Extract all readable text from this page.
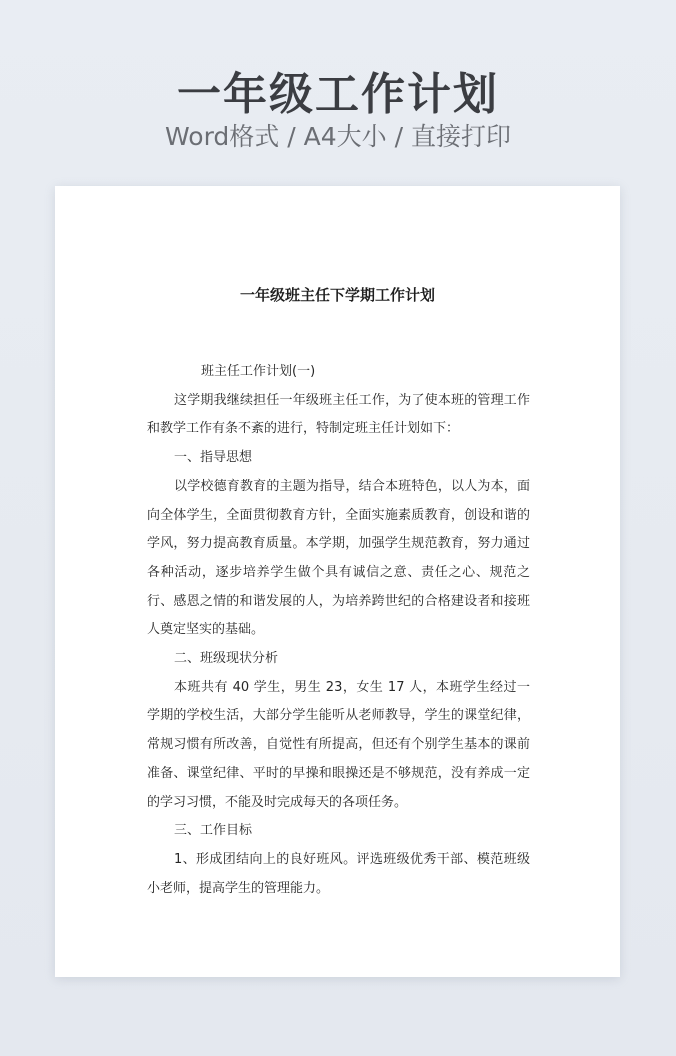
一年级工作计划
Word格式 / A4大小 / 直接打印
一年级班主任下学期工作计划

班主任工作计划(一)

这学期我继续担任一年级班主任工作，为了使本班的管理工作和教学工作有条不紊的进行，特制定班主任计划如下：

一、指导思想

以学校德育教育的主题为指导，结合本班特色，以人为本，面向全体学生，全面贯彻教育方针，全面实施素质教育，创设和谐的学风，努力提高教育质量。本学期，加强学生规范教育，努力通过各种活动，逐步培养学生做个具有诚信之意、责任之心、规范之行、感恩之情的和谐发展的人，为培养跨世纪的合格建设者和接班人奠定坚实的基础。

二、班级现状分析

本班共有 40 学生，男生 23，女生 17 人，本班学生经过一学期的学校生活，大部分学生能听从老师教导，学生的课堂纪律，常规习惯有所改善，自觉性有所提高，但还有个别学生基本的课前准备、课堂纪律、平时的早操和眼操还是不够规范，没有养成一定的学习习惯，不能及时完成每天的各项任务。

三、工作目标

1、形成团结向上的良好班风。评选班级优秀干部、模范班级小老师，提高学生的管理能力。
